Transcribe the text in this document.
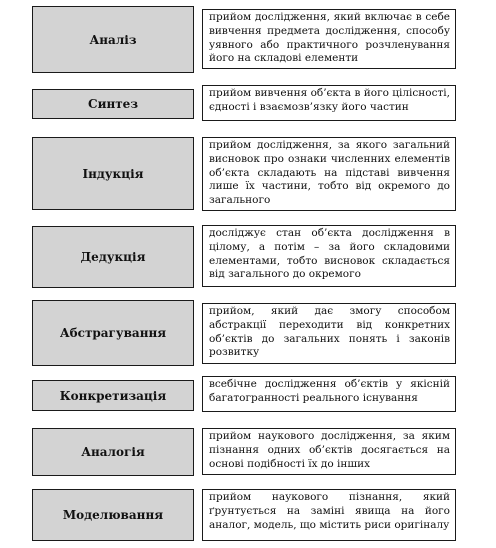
Аналіз
прийом дослідження, який включає в себе вивчення предмета дослідження, способу уявного або практичного розчленування його на складові елементи
Синтез
прийом вивчення об’єкта в його цілісності, єдності і взаємозв’язку його частин
Індукція
прийом дослідження, за якого загальний висновок про ознаки численних елементів об’єкта складають на підставі вивчення лише їх частини, тобто від окремого до загального
Дедукція
досліджує стан об’єкта дослідження в цілому, а потім – за його складовими елементами, тобто висновок складається від загального до окремого
Абстрагування
прийом, який дає змогу способом абстракції переходити від конкретних об’єктів до загальних понять і законів розвитку
Конкретизація
всебічне дослідження об’єктів у якісній багатогранності реального існування
Аналогія
прийом наукового дослідження, за яким пізнання одних об’єктів досягається на основі подібності їх до інших
Моделювання
прийом наукового пізнання, який ґрунтується на заміні явища на його аналог, модель, що містить риси оригіналу
